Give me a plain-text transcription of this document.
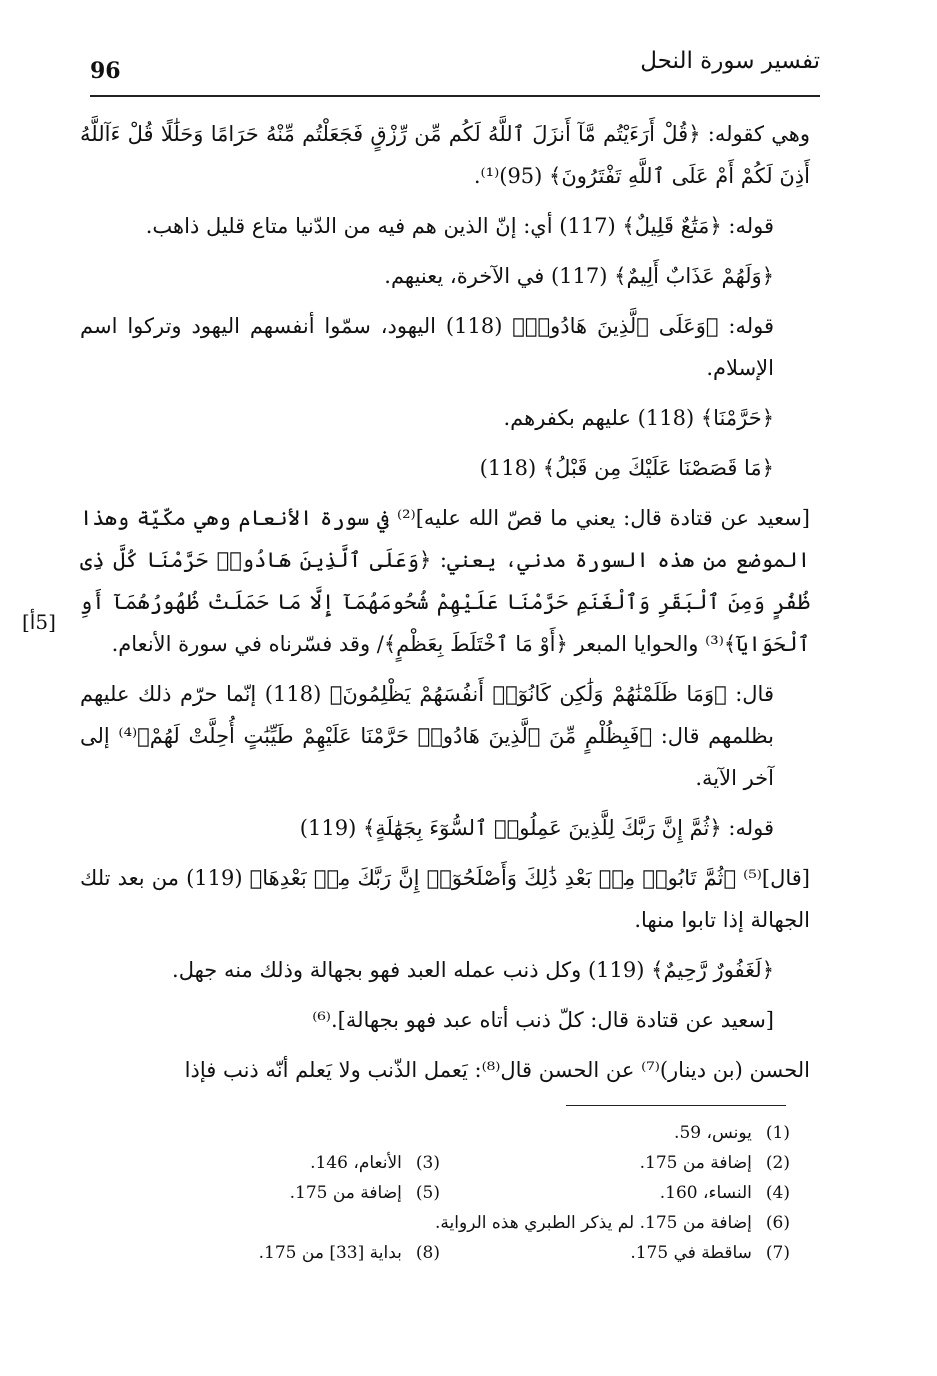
96	تفسير سورة النحل

وهي كقوله: ﴿قُلْ أَرَءَيْتُم مَّآ أَنزَلَ ٱللَّهُ لَكُم مِّن رِّزْقٍ فَجَعَلْتُم مِّنْهُ حَرَامًا وَحَلَٰلًا قُلْ ءَآللَّهُ أَذِنَ لَكُمْ أَمْ عَلَى ٱللَّهِ تَفْتَرُونَ﴾ (95)⁽¹⁾.

قوله: ﴿مَتَٰعٌ قَلِيلٌ﴾ (117) أي: إنّ الذين هم فيه من الدّنيا متاع قليل ذاهب.

﴿وَلَهُمْ عَذَابٌ أَلِيمٌ﴾ (117) في الآخرة، يعنيهم.

قوله: ﴿وَعَلَى ٱلَّذِينَ هَادُوا۟﴾ (118) اليهود، سمّوا أنفسهم اليهود وتركوا اسم الإسلام.

﴿حَرَّمْنَا﴾ (118) عليهم بكفرهم.

﴿مَا قَصَصْنَا عَلَيْكَ مِن قَبْلُ﴾ (118)

[سعيد عن قتادة قال: يعني ما قصّ الله عليه]⁽²⁾ في سورة الأنعام وهي مكّيّة وهذا الموضع من هذه السورة مدني، يعني: ﴿وَعَلَى ٱلَّذِينَ هَادُوا۟ حَرَّمْنَا كُلَّ ذِى ظُفُرٍ وَمِنَ ٱلْبَقَرِ وَٱلْغَنَمِ حَرَّمْنَا عَلَيْهِمْ شُحُومَهُمَآ إِلَّا مَا حَمَلَتْ ظُهُورُهُمَآ أَوِ ٱلْحَوَايَآ﴾⁽³⁾ والحوايا المبعر ﴿أَوْ مَا ٱخْتَلَطَ بِعَظْمٍ﴾/ وقد فسّرناه في سورة الأنعام.

قال: ﴿وَمَا ظَلَمْنَٰهُمْ وَلَٰكِن كَانُوٓا۟ أَنفُسَهُمْ يَظْلِمُونَ﴾ (118) إنّما حرّم ذلك عليهم بظلمهم قال: ﴿فَبِظُلْمٍ مِّنَ ٱلَّذِينَ هَادُوا۟ حَرَّمْنَا عَلَيْهِمْ طَيِّبَٰتٍ أُحِلَّتْ لَهُمْ﴾⁽⁴⁾ إلى آخر الآية.

قوله: ﴿ثُمَّ إِنَّ رَبَّكَ لِلَّذِينَ عَمِلُوا۟ ٱلسُّوٓءَ بِجَهَٰلَةٍ﴾ (119)

[قال]⁽⁵⁾ ﴿ثُمَّ تَابُوا۟ مِنۢ بَعْدِ ذَٰلِكَ وَأَصْلَحُوٓا۟ إِنَّ رَبَّكَ مِنۢ بَعْدِهَا﴾ (119) من بعد تلك الجهالة إذا تابوا منها.

﴿لَغَفُورٌ رَّحِيمٌ﴾ (119) وكل ذنب عمله العبد فهو بجهالة وذلك منه جهل.

[سعيد عن قتادة قال: كلّ ذنب أتاه عبد فهو بجهالة].⁽⁶⁾

الحسن (بن دينار)⁽⁷⁾ عن الحسن قال⁽⁸⁾: يَعمل الذّنب ولا يَعلم أنّه ذنب فإذا

[5أ]
(1)يونس، 59.
(2)إضافة من 175.
(3)الأنعام، 146.
(4)النساء، 160.
(5)إضافة من 175.
(6)إضافة من 175. لم يذكر الطبري هذه الرواية.
(7)ساقطة في 175.
(8)بداية [33] من 175.
